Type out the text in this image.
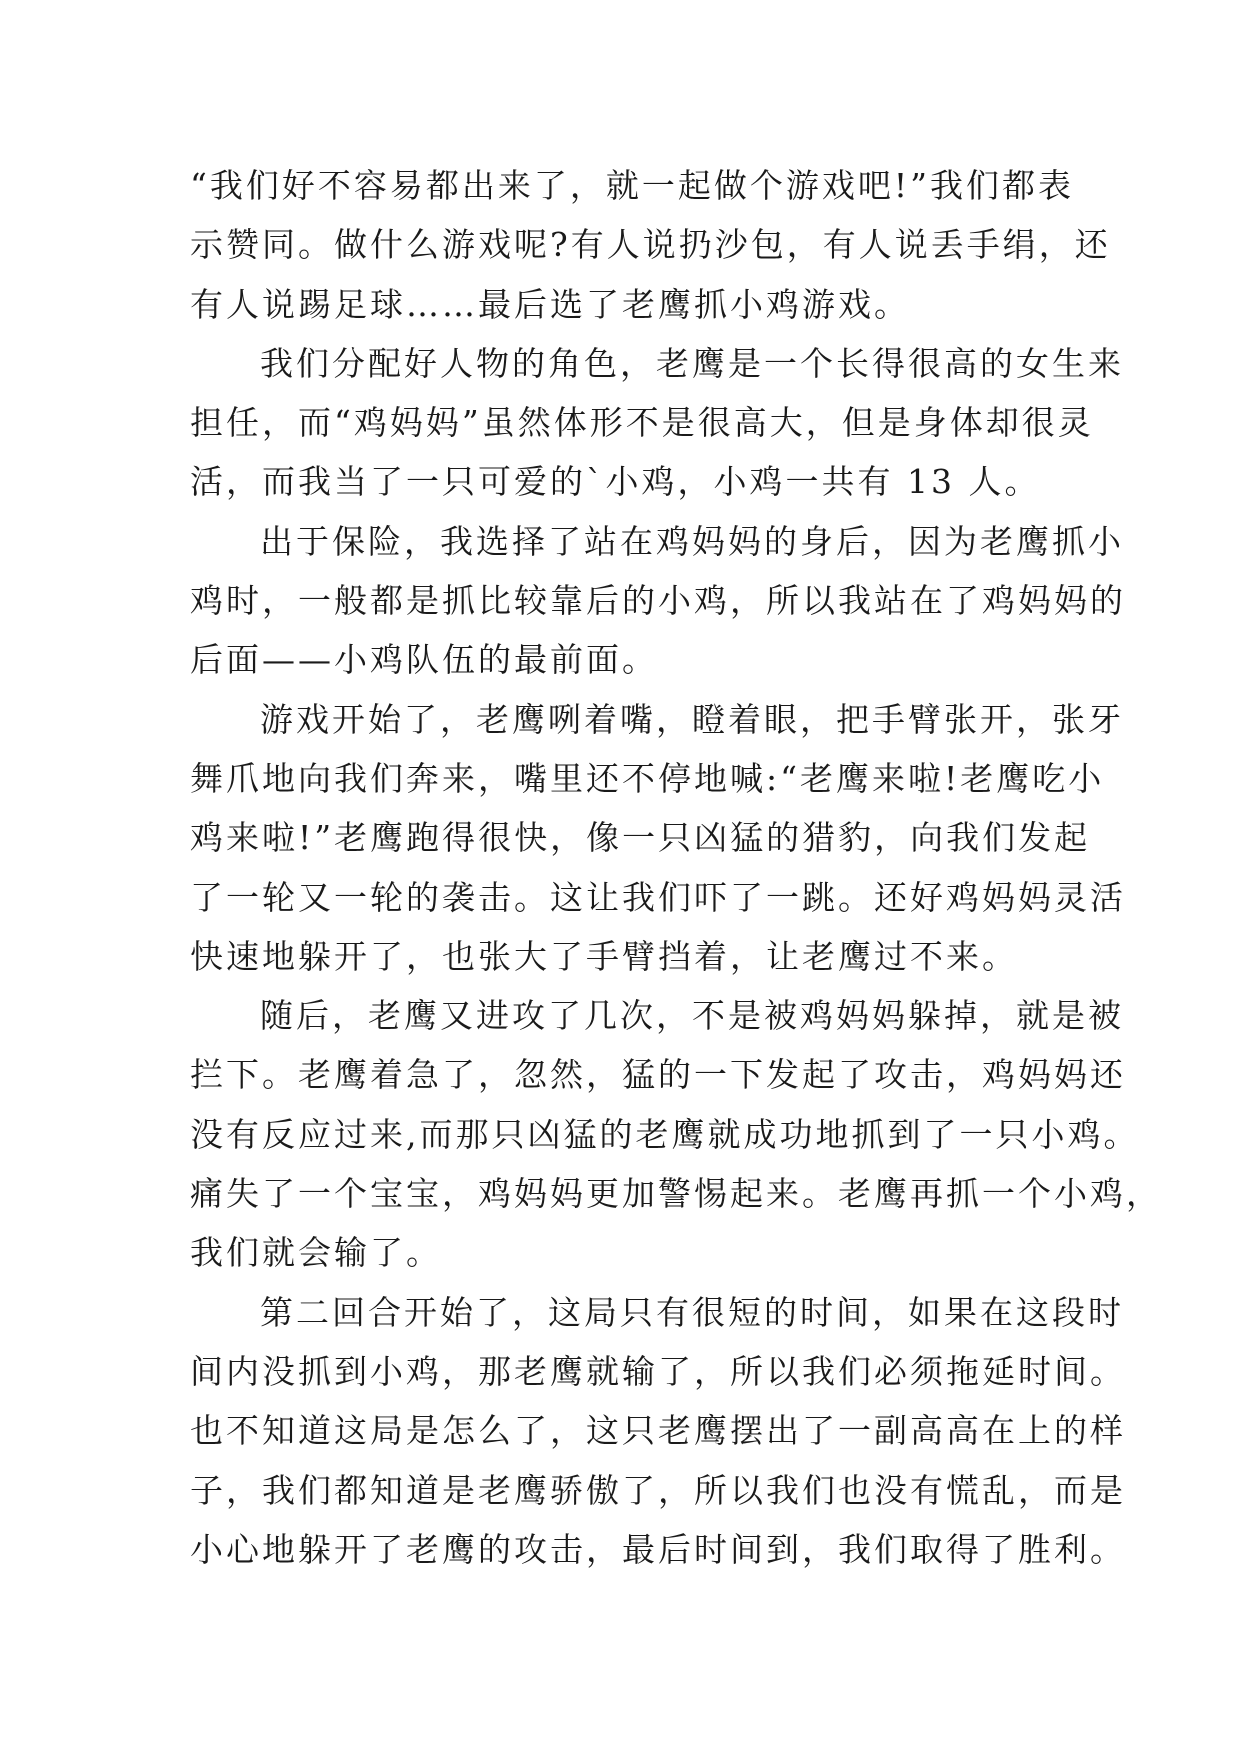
“我们好不容易都出来了，就一起做个游戏吧!”我们都表
示赞同。做什么游戏呢?有人说扔沙包，有人说丢手绢，还
有人说踢足球……最后选了老鹰抓小鸡游戏。
我们分配好人物的角色，老鹰是一个长得很高的女生来
担任，而“鸡妈妈”虽然体形不是很高大，但是身体却很灵
活，而我当了一只可爱的`小鸡，小鸡一共有 13 人。
出于保险，我选择了站在鸡妈妈的身后，因为老鹰抓小
鸡时，一般都是抓比较靠后的小鸡，所以我站在了鸡妈妈的
后面——小鸡队伍的最前面。
游戏开始了，老鹰咧着嘴，瞪着眼，把手臂张开，张牙
舞爪地向我们奔来，嘴里还不停地喊:“老鹰来啦!老鹰吃小
鸡来啦!”老鹰跑得很快，像一只凶猛的猎豹，向我们发起
了一轮又一轮的袭击。这让我们吓了一跳。还好鸡妈妈灵活
快速地躲开了，也张大了手臂挡着，让老鹰过不来。
随后，老鹰又进攻了几次，不是被鸡妈妈躲掉，就是被
拦下。老鹰着急了，忽然，猛的一下发起了攻击，鸡妈妈还
没有反应过来,而那只凶猛的老鹰就成功地抓到了一只小鸡。
痛失了一个宝宝，鸡妈妈更加警惕起来。老鹰再抓一个小鸡，
我们就会输了。
第二回合开始了，这局只有很短的时间，如果在这段时
间内没抓到小鸡，那老鹰就输了，所以我们必须拖延时间。
也不知道这局是怎么了，这只老鹰摆出了一副高高在上的样
子，我们都知道是老鹰骄傲了，所以我们也没有慌乱，而是
小心地躲开了老鹰的攻击，最后时间到，我们取得了胜利。
